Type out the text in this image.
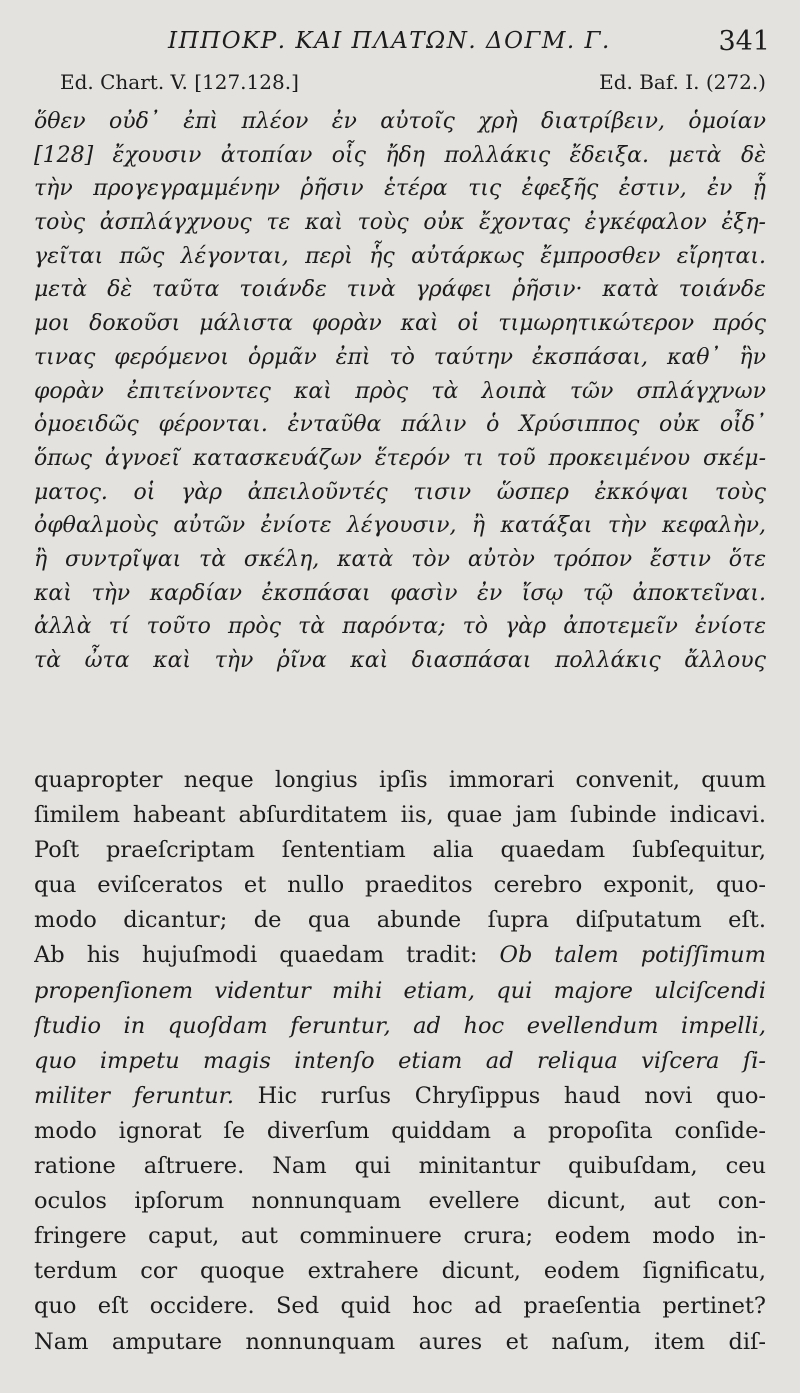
ΙΠΠΟΚΡ. ΚΑΙ ΠΛΑΤΩΝ. ΔΟΓΜ. Γ.	341
Ed. Chart. V. [127.128.]	Ed. Baf. I. (272.)
ὅθεν οὐδ᾽ ἐπὶ πλέον ἐν αὐτοῖς χρὴ διατρίβειν, ὁμοίαν
[128] ἔχουσιν ἀτοπίαν οἷς ἤδη πολλάκις ἔδειξα. μετὰ δὲ
τὴν προγεγραμμένην ῥῆσιν ἑτέρα τις ἐφεξῆς ἐστιν, ἐν ᾗ
τοὺς ἀσπλάγχνους τε καὶ τοὺς οὐκ ἔχοντας ἐγκέφαλον ἐξη-
γεῖται πῶς λέγονται, περὶ ἧς αὐτάρκως ἔμπροσθεν εἴρηται.
μετὰ δὲ ταῦτα τοιάνδε τινὰ γράφει ῥῆσιν· κατὰ τοιάνδε
μοι δοκοῦσι μάλιστα φορὰν καὶ οἱ τιμωρητικώτερον πρός
τινας φερόμενοι ὁρμᾶν ἐπὶ τὸ ταύτην ἐκσπάσαι, καθ᾽ ἣν
φορὰν ἐπιτείνοντες καὶ πρὸς τὰ λοιπὰ τῶν σπλάγχνων
ὁμοειδῶς φέρονται. ἐνταῦθα πάλιν ὁ Χρύσιππος οὐκ οἶδ᾽
ὅπως ἀγνοεῖ κατασκευάζων ἕτερόν τι τοῦ προκειμένου σκέμ-
ματος. οἱ γὰρ ἀπειλοῦντές τισιν ὥσπερ ἐκκόψαι τοὺς
ὀφθαλμοὺς αὐτῶν ἐνίοτε λέγουσιν, ἢ κατάξαι τὴν κεφαλὴν,
ἢ συντρῖψαι τὰ σκέλη, κατὰ τὸν αὐτὸν τρόπον ἔστιν ὅτε
καὶ τὴν καρδίαν ἐκσπάσαι φασὶν ἐν ἴσῳ τῷ ἀποκτεῖναι.
ἀλλὰ τί τοῦτο πρὸς τὰ παρόντα; τὸ γὰρ ἀποτεμεῖν ἐνίοτε
τὰ ὦτα καὶ τὴν ῥῖνα καὶ διασπάσαι πολλάκις ἄλλους
quapropter neque longius ipſis immorari convenit, quum
ſimilem habeant abſurditatem iis, quae jam ſubinde indicavi.
Poſt praeſcriptam ſententiam alia quaedam ſubſequitur,
qua eviſceratos et nullo praeditos cerebro exponit, quo-
modo dicantur; de qua abunde ſupra diſputatum eſt.
Ab his hujuſmodi quaedam tradit: Ob talem potiſſimum
propenſionem videntur mihi etiam, qui majore ulciſcendi
ſtudio in quoſdam feruntur, ad hoc evellendum impelli,
quo impetu magis intenſo etiam ad reliqua viſcera ſi-
militer feruntur. Hic rurſus Chryſippus haud novi quo-
modo ignorat ſe diverſum quiddam a propoſita conſide-
ratione aſtruere. Nam qui minitantur quibuſdam, ceu
oculos ipſorum nonnunquam evellere dicunt, aut con-
fringere caput, aut comminuere crura; eodem modo in-
terdum cor quoque extrahere dicunt, eodem ſignificatu,
quo eſt occidere. Sed quid hoc ad praeſentia pertinet?
Nam amputare nonnunquam aures et naſum, item diſ-
